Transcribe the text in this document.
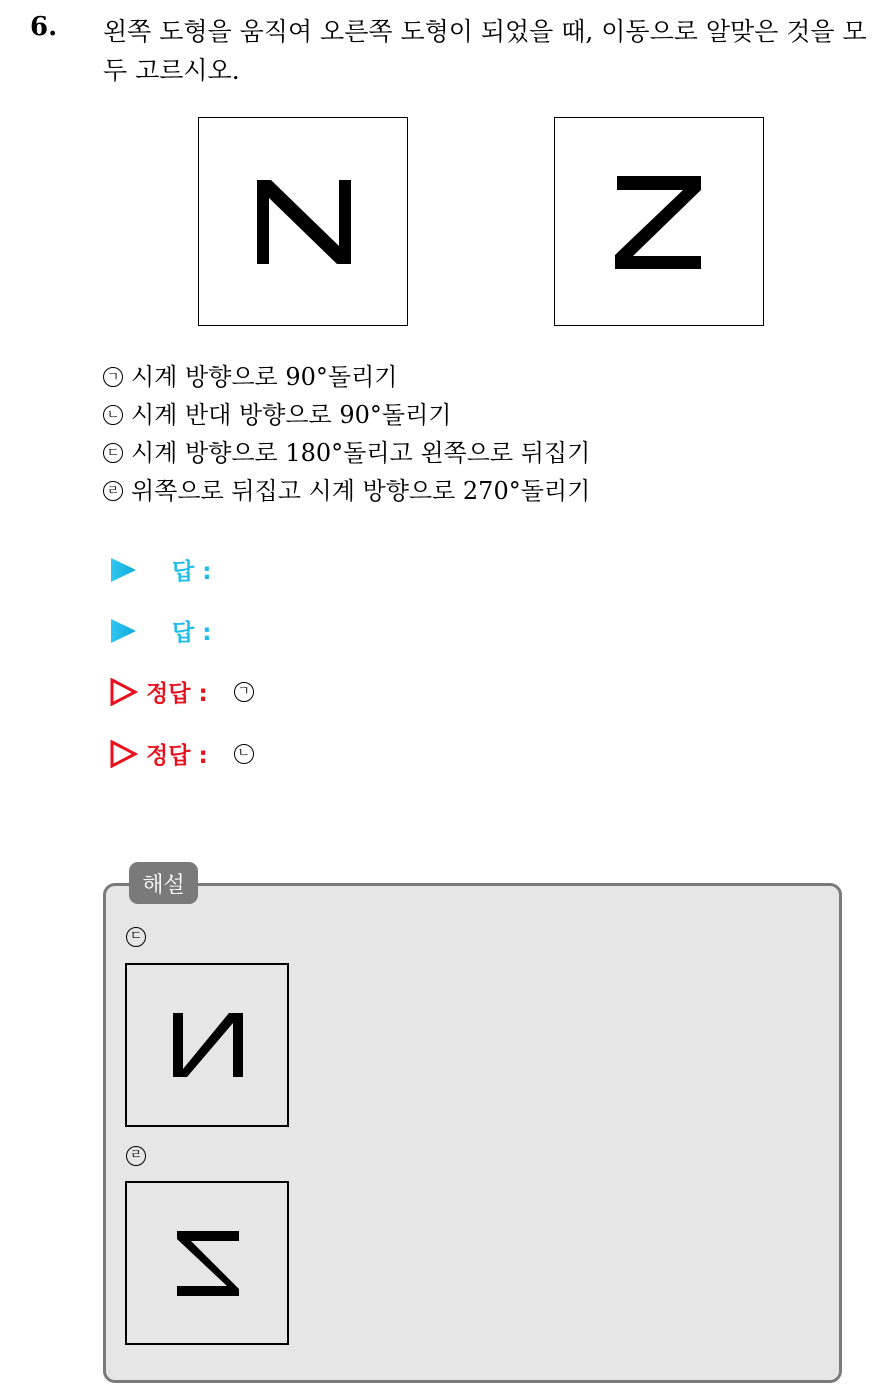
6. 왼쪽 도형을 움직여 오른쪽 도형이 되었을 때, 이동으로 알맞은 것을 모두 고르시오.
ㄱ 시계 방향으로 90°돌리기
ㄴ 시계 반대 방향으로 90°돌리기
ㄷ 시계 방향으로 180°돌리고 왼쪽으로 뒤집기
ㄹ 위쪽으로 뒤집고 시계 방향으로 270°돌리기
답 :
답 :
정답 : ㄱ
정답 : ㄴ
해설
ㄷ
ㄹ
